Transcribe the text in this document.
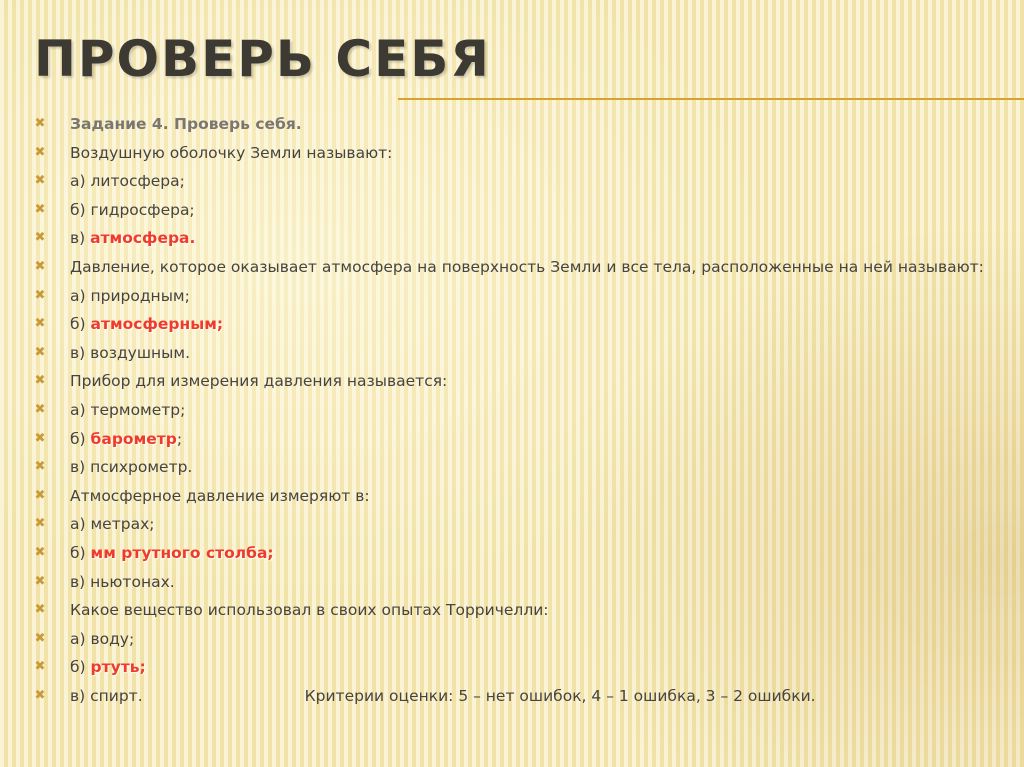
ПРОВЕРЬ СЕБЯ
✖ Задание 4. Проверь себя.
✖ Воздушную оболочку Земли называют:
✖ а) литосфера;
✖ б) гидросфера;
✖ в) атмосфера.
✖ Давление, которое оказывает атмосфера на поверхность Земли и все тела, расположенные на ней называют:
✖ а) природным;
✖ б) атмосферным;
✖ в) воздушным.
✖ Прибор для измерения давления называется:
✖ а) термометр;
✖ б) барометр;
✖ в) психрометр.
✖ Атмосферное давление измеряют в:
✖ а) метрах;
✖ б) мм ртутного столба;
✖ в) ньютонах.
✖ Какое вещество использовал в своих опытах Торричелли:
✖ а) воду;
✖ б) ртуть;
✖ в) спирт.	Критерии оценки: 5 – нет ошибок, 4 – 1 ошибка, 3 – 2 ошибки.
